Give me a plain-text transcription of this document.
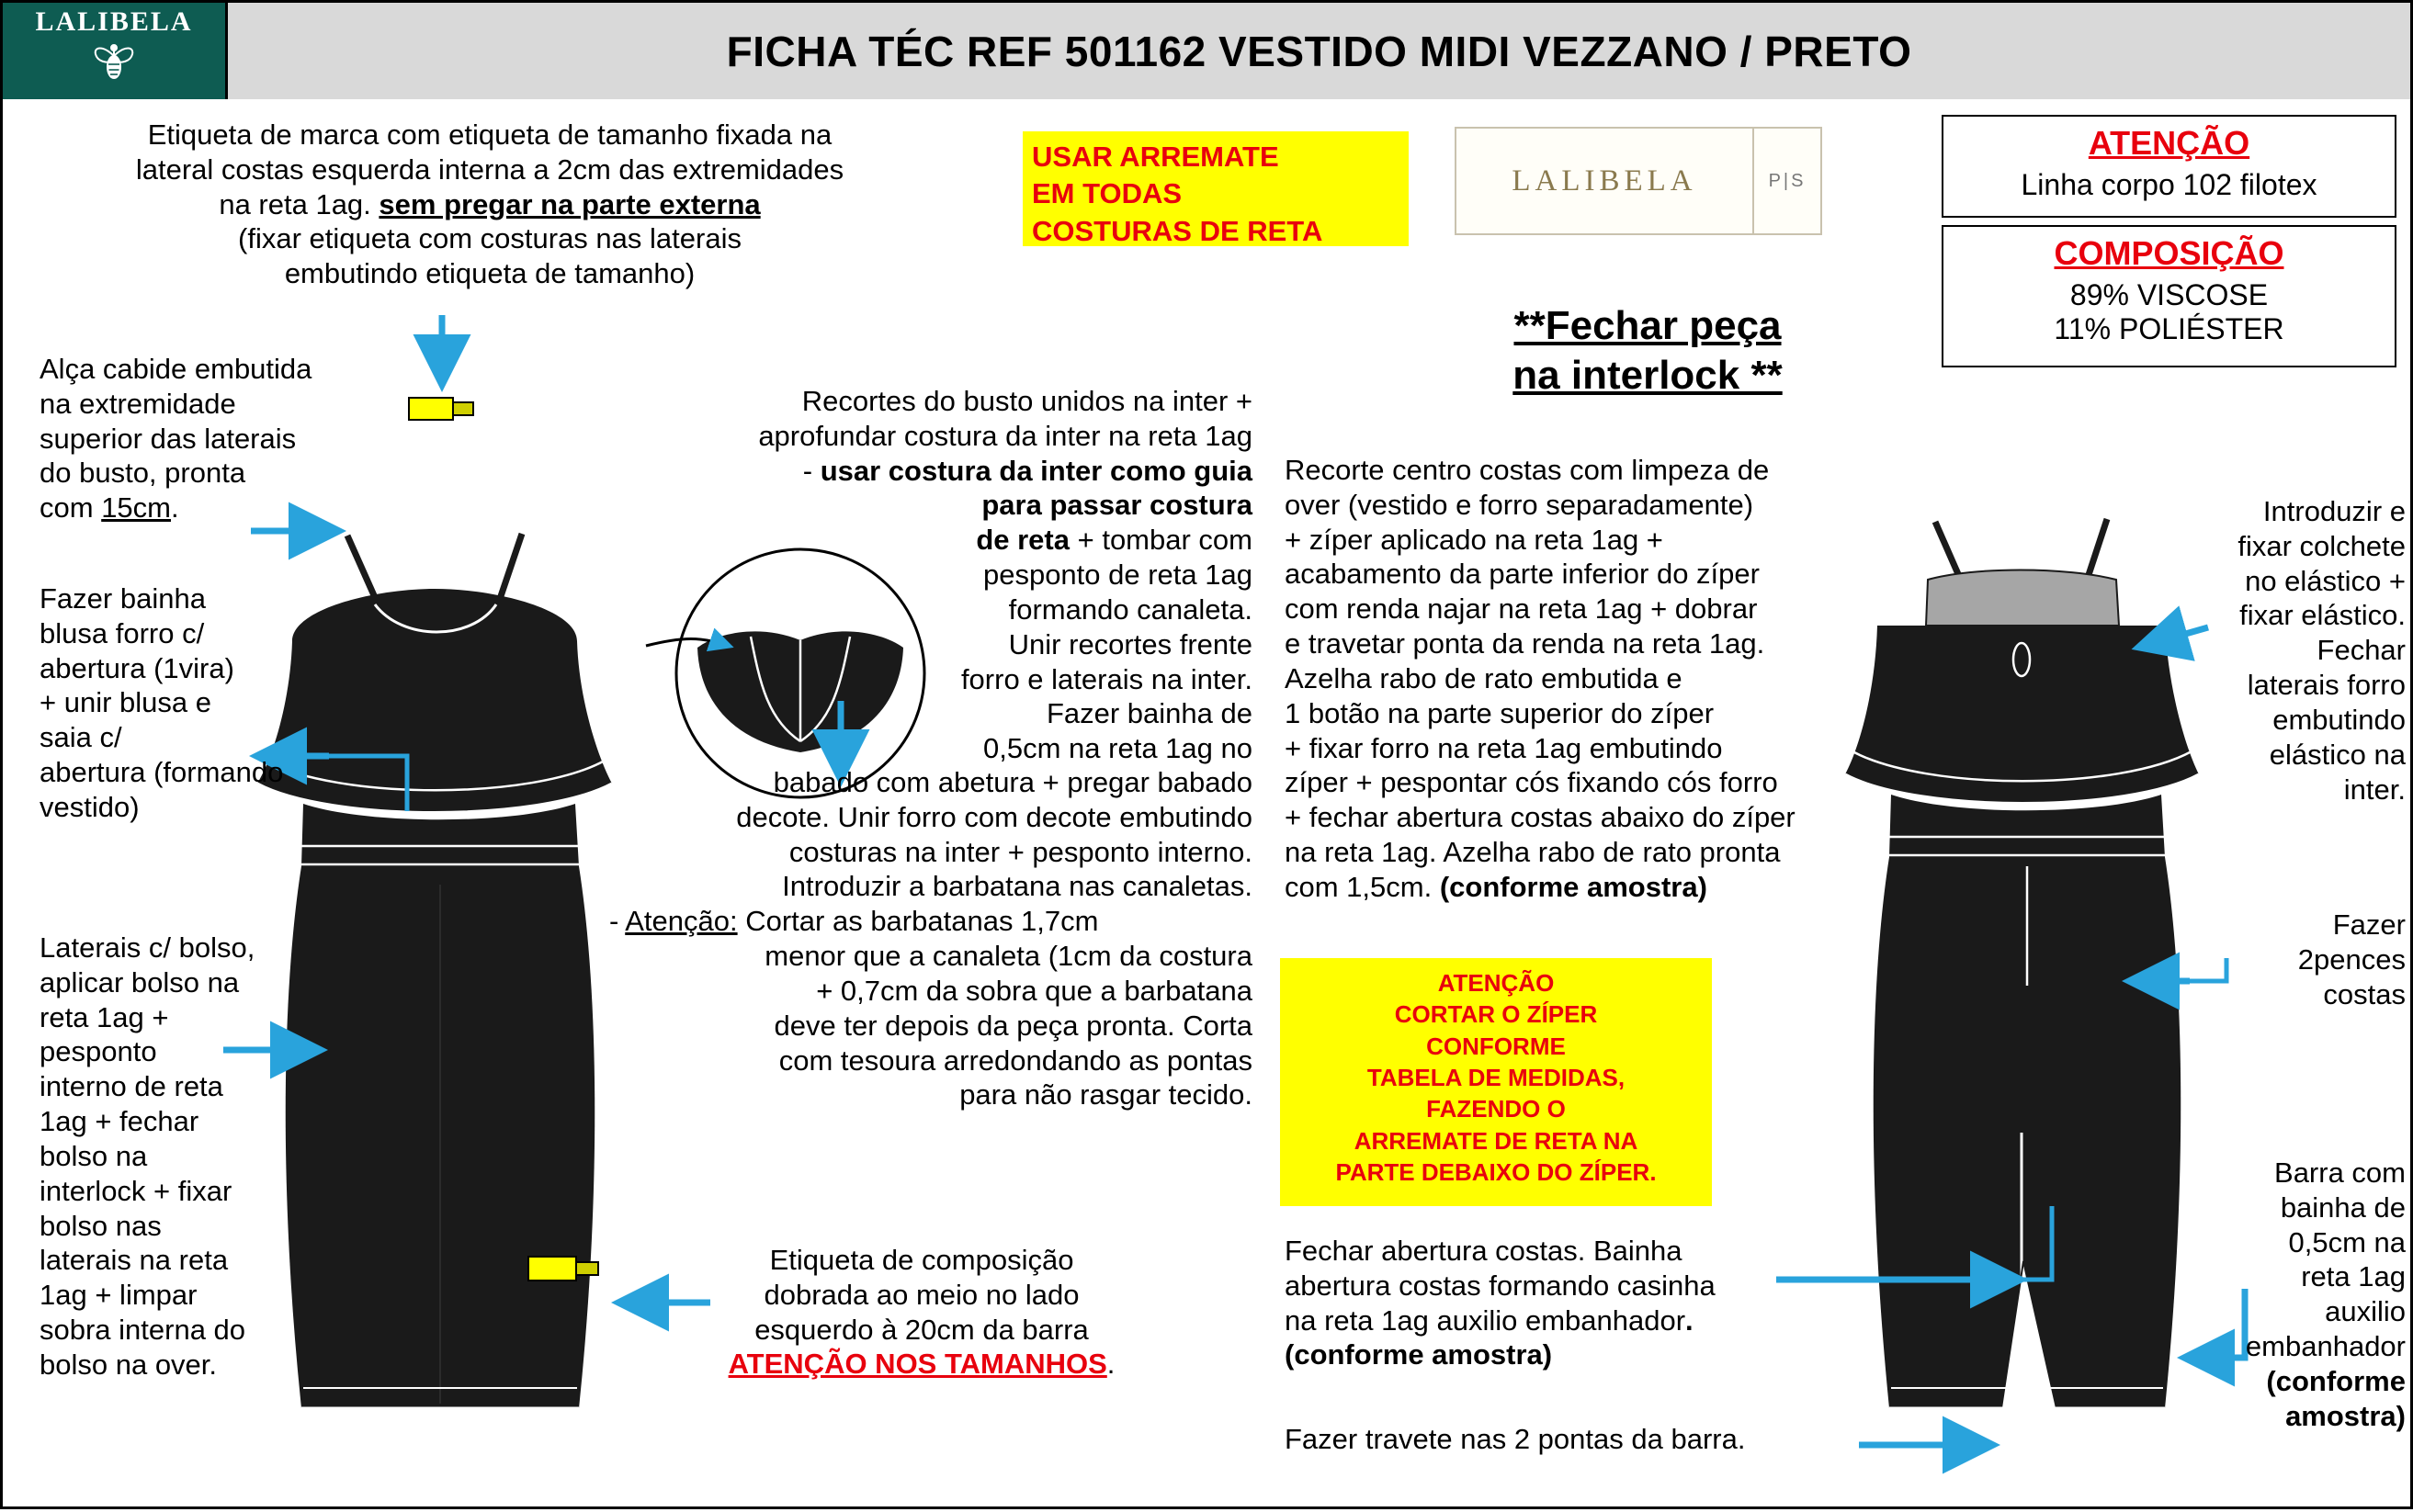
LALIBELA
FICHA TÉC REF 501162 VESTIDO MIDI VEZZANO / PRETO
Etiqueta de marca com etiqueta de tamanho fixada na
lateral costas esquerda interna a 2cm das extremidades
na reta 1ag. sem pregar na parte externa
(fixar etiqueta com costuras nas laterais
embutindo etiqueta de tamanho)
Alça cabide embutida
na extremidade
superior das laterais
do busto, pronta
com 15cm.
Fazer bainha
blusa forro c/
abertura (1vira)
+ unir blusa e
saia c/
abertura (formando
vestido)
Laterais c/ bolso,
aplicar bolso na
reta 1ag +
pesponto
interno de reta
1ag + fechar
bolso na
interlock + fixar
bolso nas
laterais na reta
1ag + limpar
sobra interna do
bolso na over.
Recortes do busto unidos na inter +
aprofundar costura da inter na reta 1ag
- usar costura da inter como guia
para passar costura
de reta + tombar com
pesponto de reta 1ag
formando canaleta.
Unir recortes frente
forro e laterais na inter.
Fazer bainha de
0,5cm na reta 1ag no
babado com abetura + pregar babado
decote. Unir forro com decote embutindo
costuras na inter + pesponto interno.
Introduzir a barbatana nas canaletas.
- Atenção: Cortar as barbatanas 1,7cm
menor que a canaleta (1cm da costura
+ 0,7cm da sobra que a barbatana
deve ter depois da peça pronta. Corta
com tesoura arredondando as pontas
para não rasgar tecido.
Etiqueta de composição
dobrada ao meio no lado
esquerdo à 20cm da barra
ATENÇÃO NOS TAMANHOS.
USAR ARREMATE
EM TODAS
COSTURAS DE RETA
ATENÇÃO
CORTAR O ZÍPER
CONFORME
TABELA DE MEDIDAS,
FAZENDO O
ARREMATE DE RETA NA
PARTE DEBAIXO DO ZÍPER.
LALIBELA	P|S
ATENÇÃO
Linha corpo 102 filotex
COMPOSIÇÃO
89% VISCOSE
11% POLIÉSTER
**Fechar peça
na interlock **
Recorte centro costas com limpeza de
over (vestido e forro separadamente)
+ zíper aplicado na reta 1ag +
acabamento da parte inferior do zíper
com renda najar na reta 1ag + dobrar
e travetar ponta da renda na reta 1ag.
Azelha rabo de rato embutida e
1 botão na parte superior do zíper
+ fixar forro na reta 1ag embutindo
zíper + pespontar cós fixando cós forro
+ fechar abertura costas abaixo do zíper
na reta 1ag. Azelha rabo de rato pronta
com 1,5cm. (conforme amostra)
Fechar abertura costas. Bainha
abertura costas formando casinha
na reta 1ag auxilio embanhador.
(conforme amostra)
Fazer travete nas 2 pontas da barra.
Introduzir e
fixar colchete
no elástico +
fixar elástico.
Fechar
laterais forro
embutindo
elástico na
inter.
Fazer
2pences
costas
Barra com
bainha de
0,5cm na
reta 1ag
auxilio
embanhador
(conforme
amostra)
